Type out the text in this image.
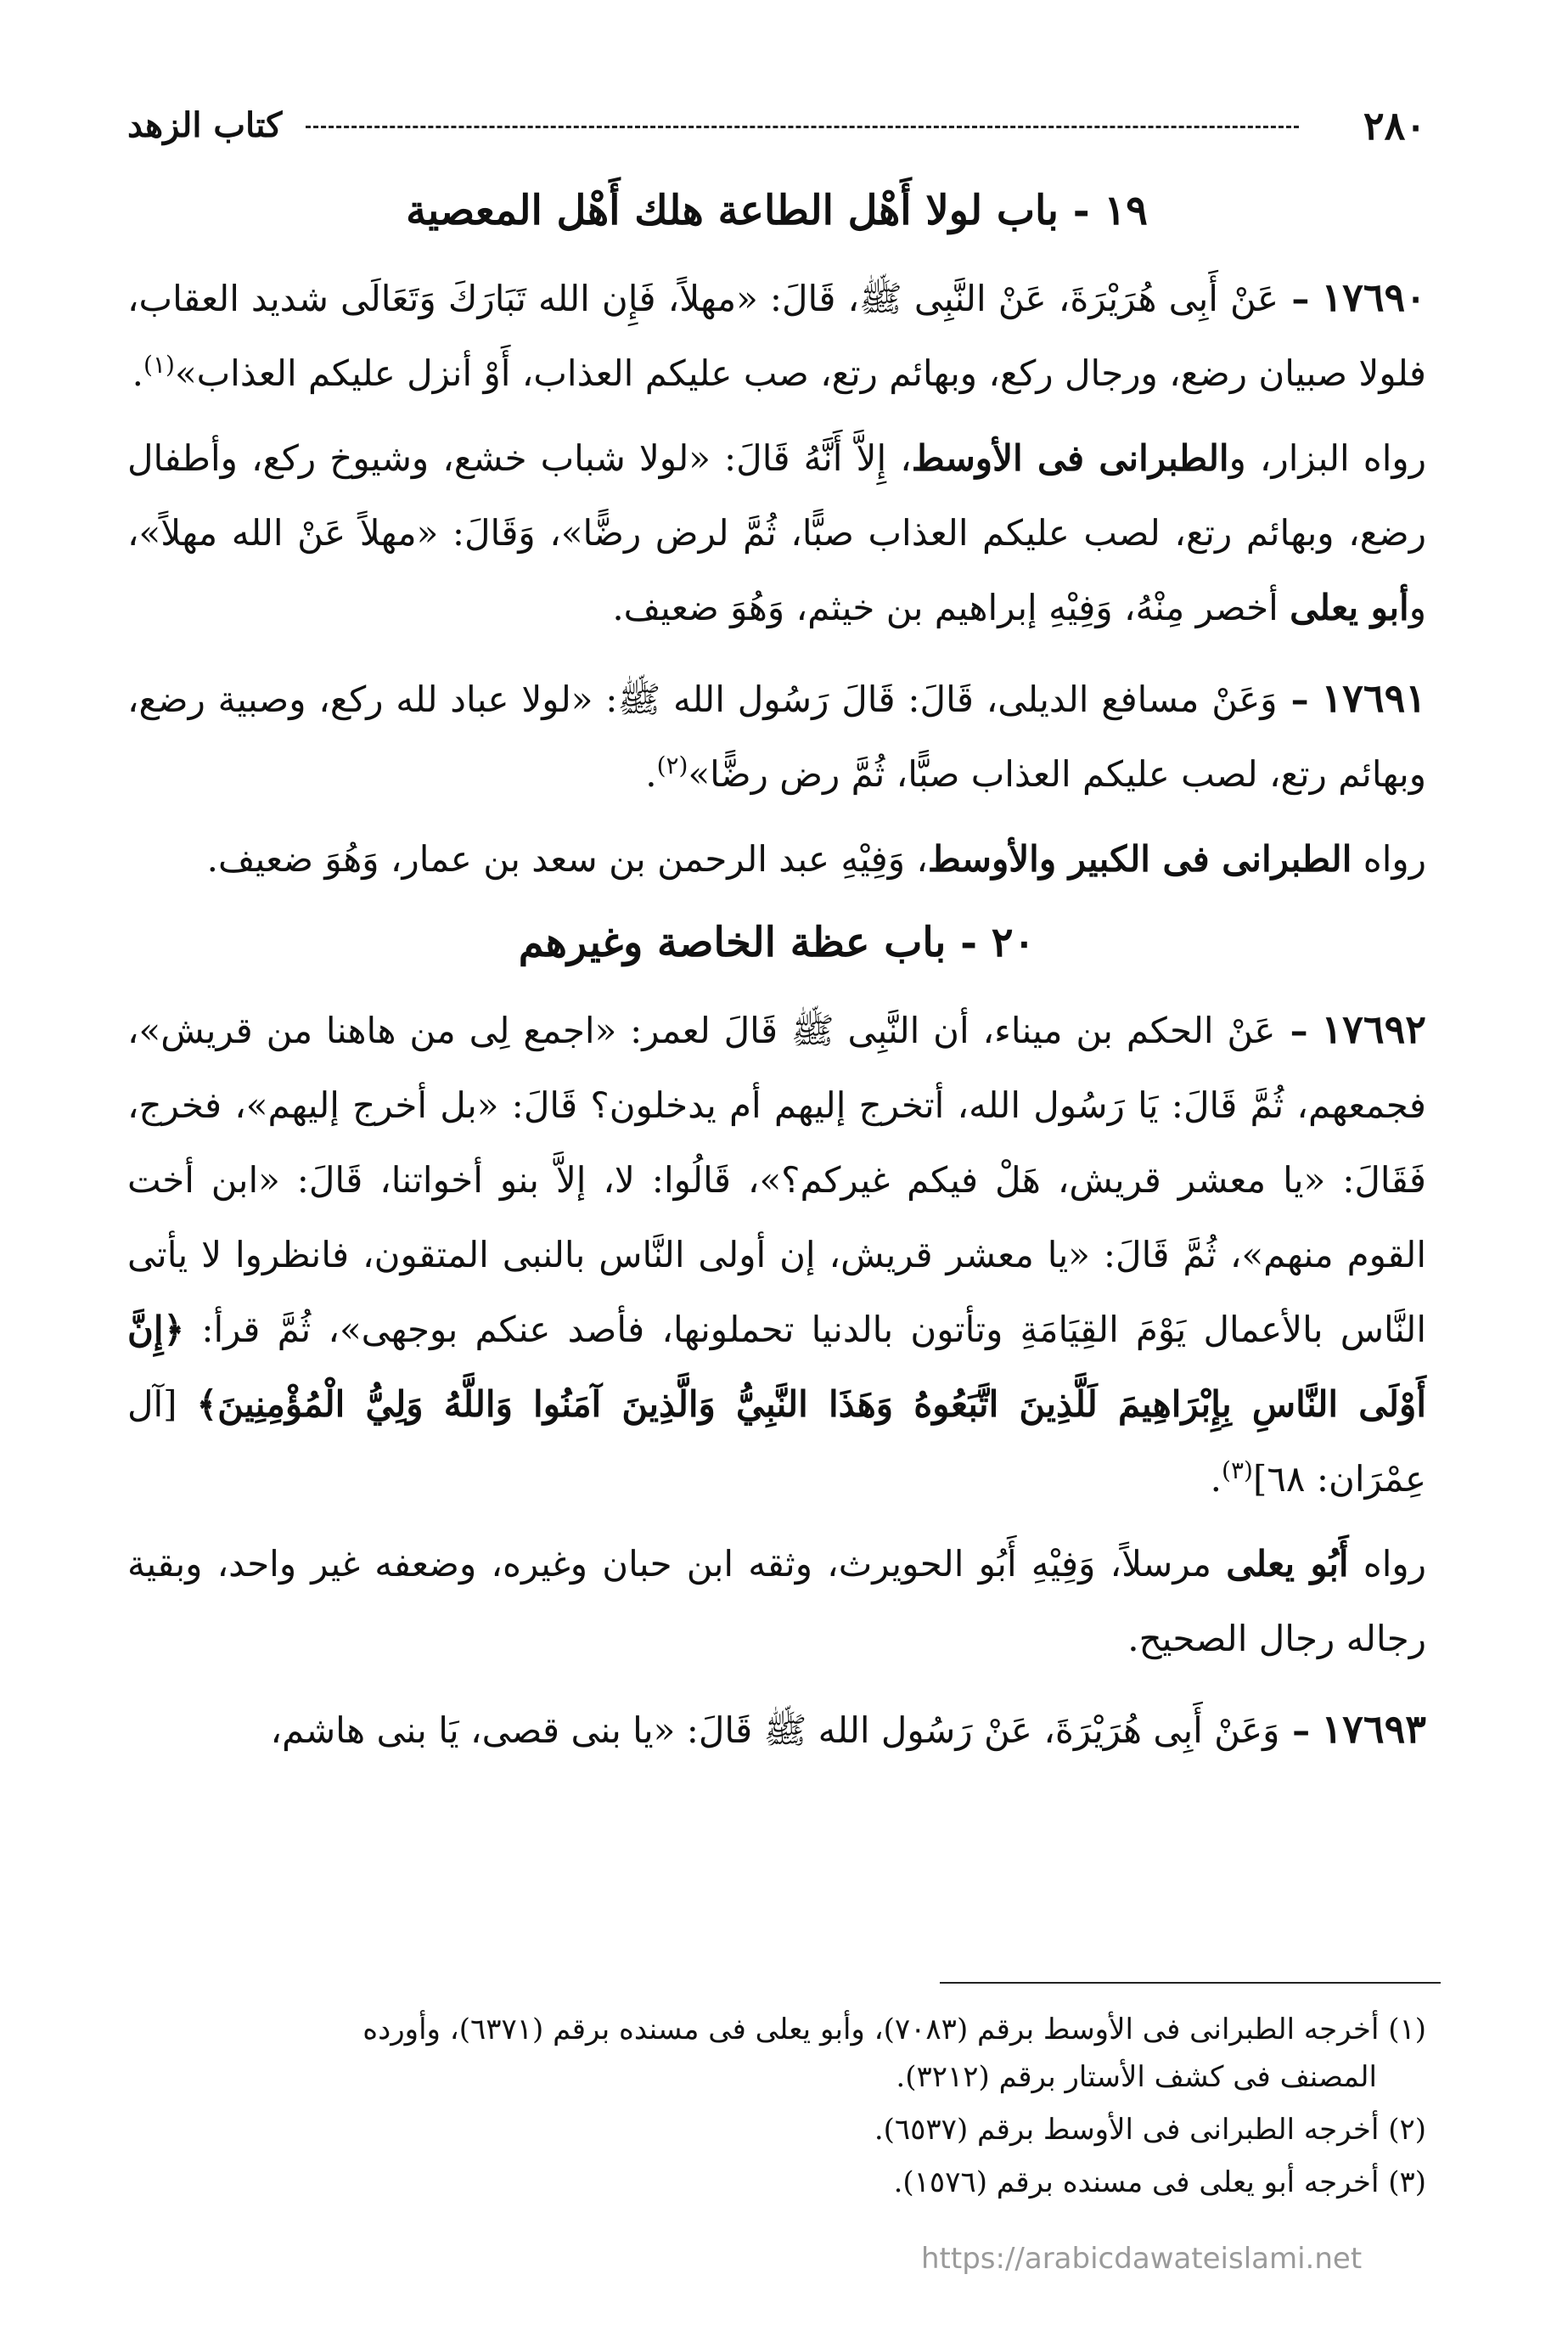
٢٨٠
كتاب الزهد
١٩ - باب لولا أَهْل الطاعة هلك أَهْل المعصية

١٧٦٩٠ – عَنْ أَبِى هُرَيْرَةَ، عَنْ النَّبِى ﷺ، قَالَ: «مهلاً، فَإِن الله تَبَارَكَ وَتَعَالَى شديد العقاب، فلولا صبيان رضع، ورجال ركع، وبهائم رتع، صب عليكم العذاب، أَوْ أنزل عليكم العذاب»$^{(١)}$.

رواه البزار، والطبرانى فى الأوسط، إِلاَّ أَنَّهُ قَالَ: «لولا شباب خشع، وشيوخ ركع، وأطفال رضع، وبهائم رتع، لصب عليكم العذاب صبًّا، ثُمَّ لرض رضًّا»، وَقَالَ: «مهلاً عَنْ الله مهلاً»، وأبو يعلى أخصر مِنْهُ، وَفِيْهِ إبراهيم بن خيثم، وَهُوَ ضعيف.

١٧٦٩١ – وَعَنْ مسافع الديلى، قَالَ: قَالَ رَسُول الله ﷺ: «لولا عباد لله ركع، وصبية رضع، وبهائم رتع، لصب عليكم العذاب صبًّا، ثُمَّ رض رضًّا»$^{(٢)}$.

رواه الطبرانى فى الكبير والأوسط، وَفِيْهِ عبد الرحمن بن سعد بن عمار، وَهُوَ ضعيف.

٢٠ - باب عظة الخاصة وغيرهم

١٧٦٩٢ – عَنْ الحكم بن ميناء، أن النَّبِى ﷺ قَالَ لعمر: «اجمع لِى من هاهنا من قريش»، فجمعهم، ثُمَّ قَالَ: يَا رَسُول الله، أتخرج إليهم أم يدخلون؟ قَالَ: «بل أخرج إليهم»، فخرج، فَقَالَ: «يا معشر قريش، هَلْ فيكم غيركم؟»، قَالُوا: لا، إلاَّ بنو أخواتنا، قَالَ: «ابن أخت القوم منهم»، ثُمَّ قَالَ: «يا معشر قريش، إن أولى النَّاس بالنبى المتقون، فانظروا لا يأتى النَّاس بالأعمال يَوْمَ القِيَامَةِ وتأتون بالدنيا تحملونها، فأصد عنكم بوجهى»، ثُمَّ قرأ: ﴿إِنَّ أَوْلَى النَّاسِ بِإِبْرَاهِيمَ لَلَّذِينَ اتَّبَعُوهُ وَهَذَا النَّبِيُّ وَالَّذِينَ آمَنُوا وَاللَّهُ وَلِيُّ الْمُؤْمِنِينَ﴾ [آل عِمْرَان: ٦٨]$^{(٣)}$.

رواه أَبُو يعلى مرسلاً، وَفِيْهِ أَبُو الحويرث، وثقه ابن حبان وغيره، وضعفه غير واحد، وبقية رجاله رجال الصحيح.

١٧٦٩٣ – وَعَنْ أَبِى هُرَيْرَةَ، عَنْ رَسُول الله ﷺ قَالَ: «يا بنى قصى، يَا بنى هاشم،

(١) أخرجه الطبرانى فى الأوسط برقم (٧٠٨٣)، وأبو يعلى فى مسنده برقم (٦٣٧١)، وأورده
المصنف فى كشف الأستار برقم (٣٢١٢).
(٢) أخرجه الطبرانى فى الأوسط برقم (٦٥٣٧).
(٣) أخرجه أبو يعلى فى مسنده برقم (١٥٧٦).
https://arabicdawateislami.net
